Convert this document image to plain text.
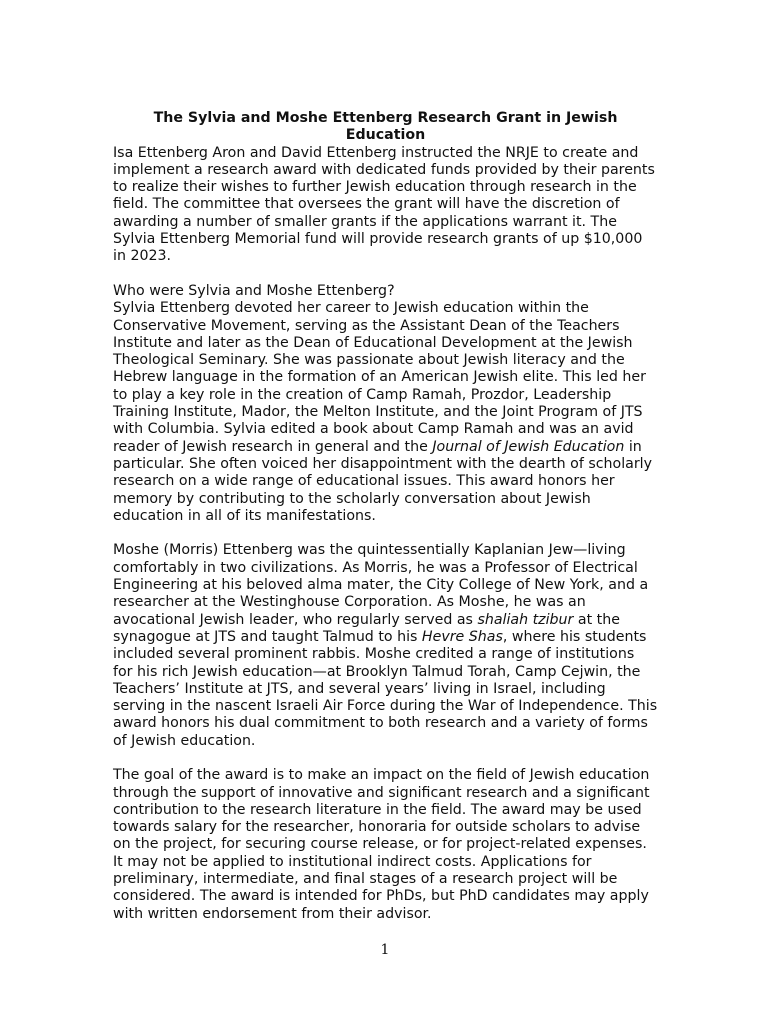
The Sylvia and Moshe Ettenberg Research Grant in Jewish Education

Isa Ettenberg Aron and David Ettenberg instructed the NRJE to create and implement a research award with dedicated funds provided by their parents to realize their wishes to further Jewish education through research in the field. The committee that oversees the grant will have the discretion of awarding a number of smaller grants if the applications warrant it. The Sylvia Ettenberg Memorial fund will provide research grants of up $10,000 in 2023.

Who were Sylvia and Moshe Ettenberg?

Sylvia Ettenberg devoted her career to Jewish education within the Conservative Movement, serving as the Assistant Dean of the Teachers Institute and later as the Dean of Educational Development at the Jewish Theological Seminary. She was passionate about Jewish literacy and the Hebrew language in the formation of an American Jewish elite. This led her to play a key role in the creation of Camp Ramah, Prozdor, Leadership Training Institute, Mador, the Melton Institute, and the Joint Program of JTS with Columbia. Sylvia edited a book about Camp Ramah and was an avid reader of Jewish research in general and the Journal of Jewish Education in particular. She often voiced her disappointment with the dearth of scholarly research on a wide range of educational issues. This award honors her memory by contributing to the scholarly conversation about Jewish education in all of its manifestations.

Moshe (Morris) Ettenberg was the quintessentially Kaplanian Jew—living comfortably in two civilizations. As Morris, he was a Professor of Electrical Engineering at his beloved alma mater, the City College of New York, and a researcher at the Westinghouse Corporation. As Moshe, he was an avocational Jewish leader, who regularly served as shaliah tzibur at the synagogue at JTS and taught Talmud to his Hevre Shas, where his students included several prominent rabbis. Moshe credited a range of institutions for his rich Jewish education—at Brooklyn Talmud Torah, Camp Cejwin, the Teachers’ Institute at JTS, and several years’ living in Israel, including serving in the nascent Israeli Air Force during the War of Independence. This award honors his dual commitment to both research and a variety of forms of Jewish education.

The goal of the award is to make an impact on the field of Jewish education through the support of innovative and significant research and a significant contribution to the research literature in the field. The award may be used towards salary for the researcher, honoraria for outside scholars to advise on the project, for securing course release, or for project-related expenses. It may not be applied to institutional indirect costs. Applications for preliminary, intermediate, and final stages of a research project will be considered. The award is intended for PhDs, but PhD candidates may apply with written endorsement from their advisor.

1
